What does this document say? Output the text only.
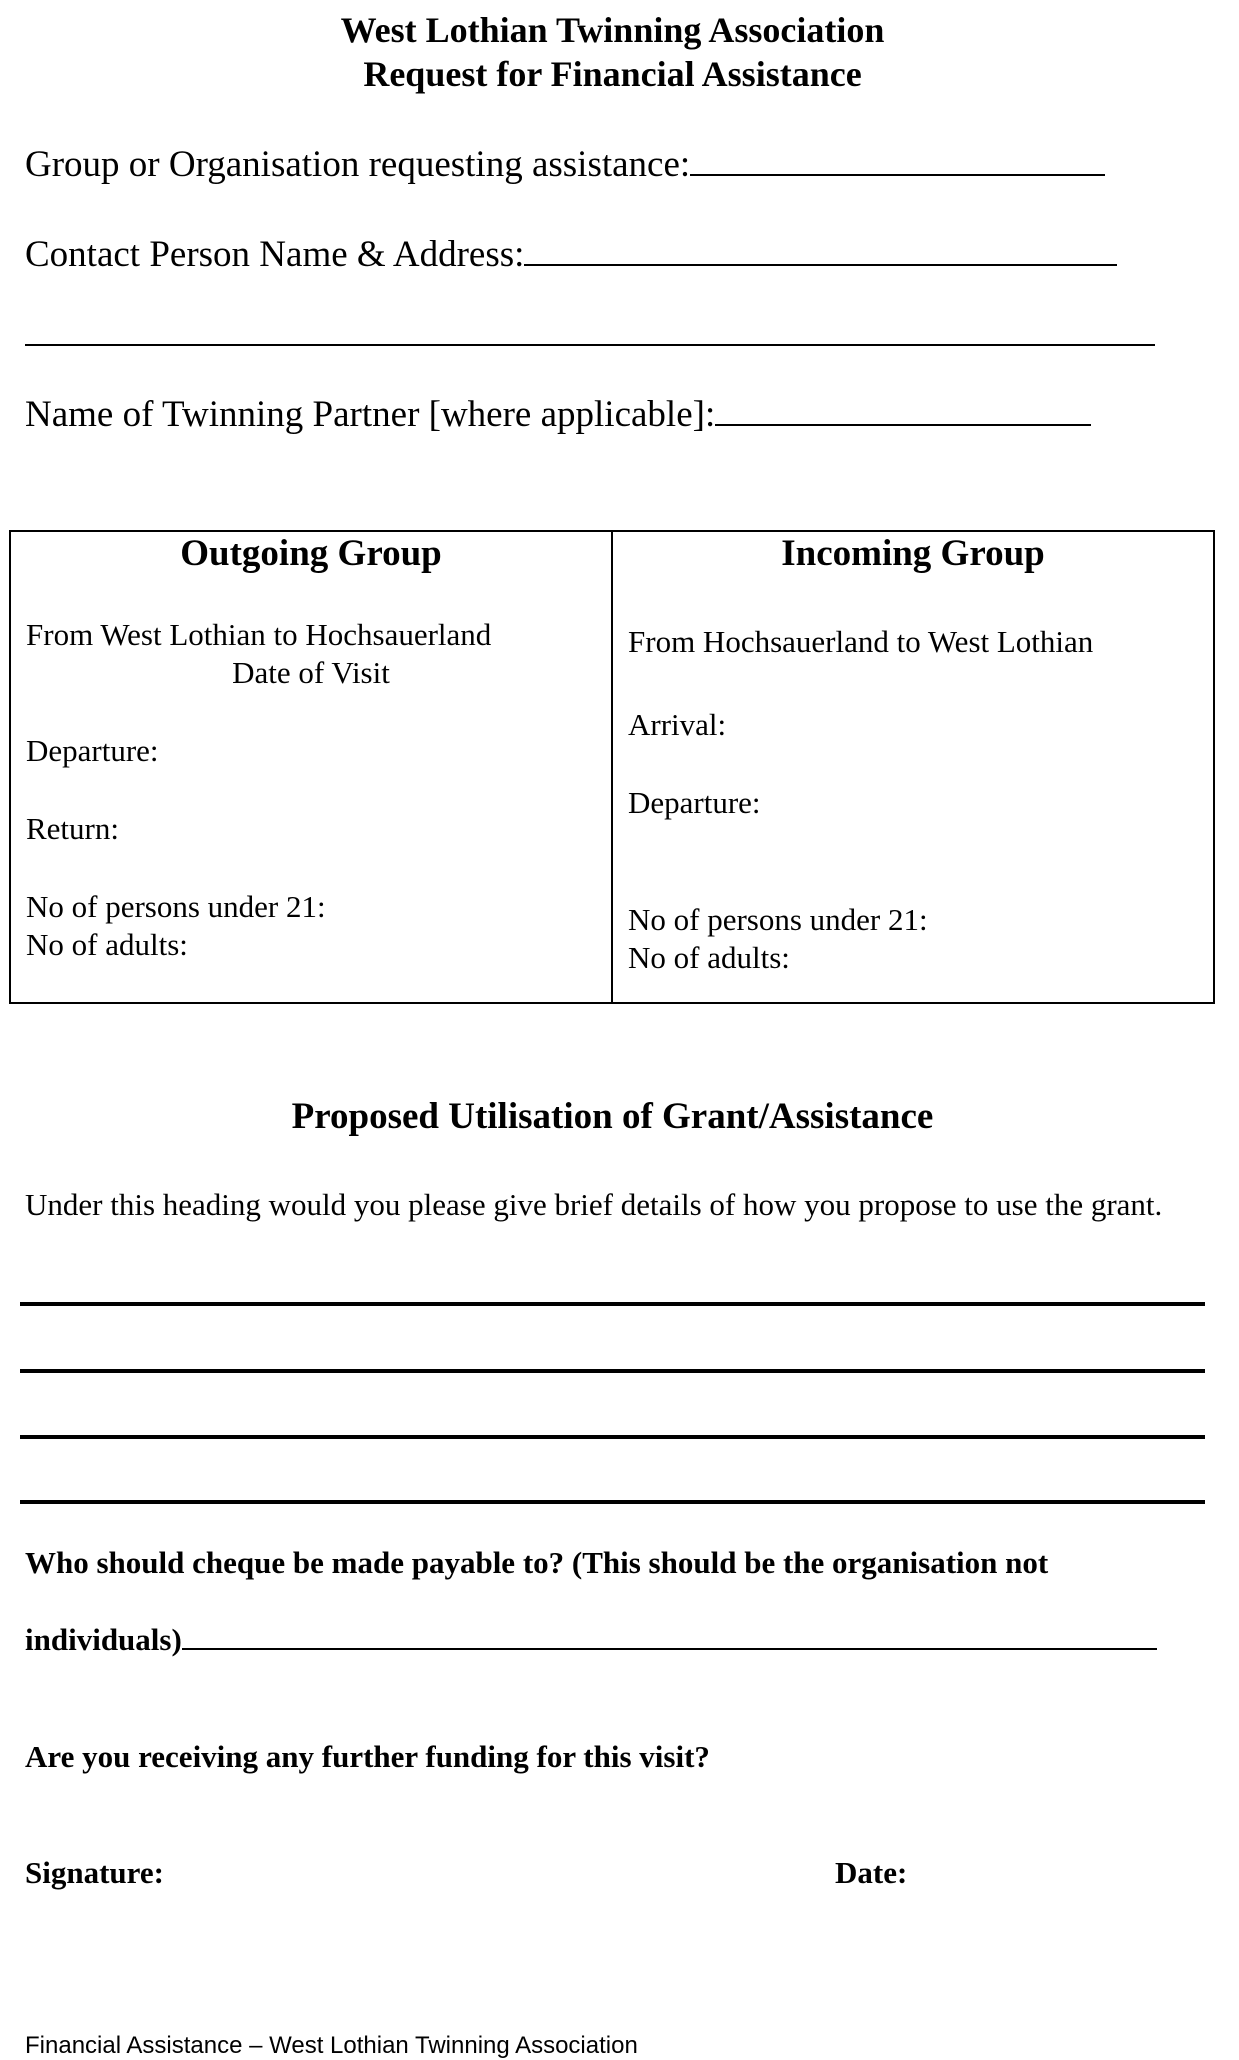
West Lothian Twinning Association
Request for Financial Assistance
Group or Organisation requesting assistance:
Contact Person Name & Address:
Name of Twinning Partner [where applicable]:
Outgoing Group
From West Lothian to Hochsauerland
Date of Visit
Departure:
Return:
No of persons under 21:
No of adults:
Incoming Group
From Hochsauerland to West Lothian
Arrival:
Departure:
No of persons under 21:
No of adults:
Proposed Utilisation of Grant/Assistance
Under this heading would you please give brief details of how you propose to use the grant.
Who should cheque be made payable to? (This should be the organisation not
individuals)
Are you receiving any further funding for this visit?
Signature:	Date:
Financial Assistance – West Lothian Twinning Association
